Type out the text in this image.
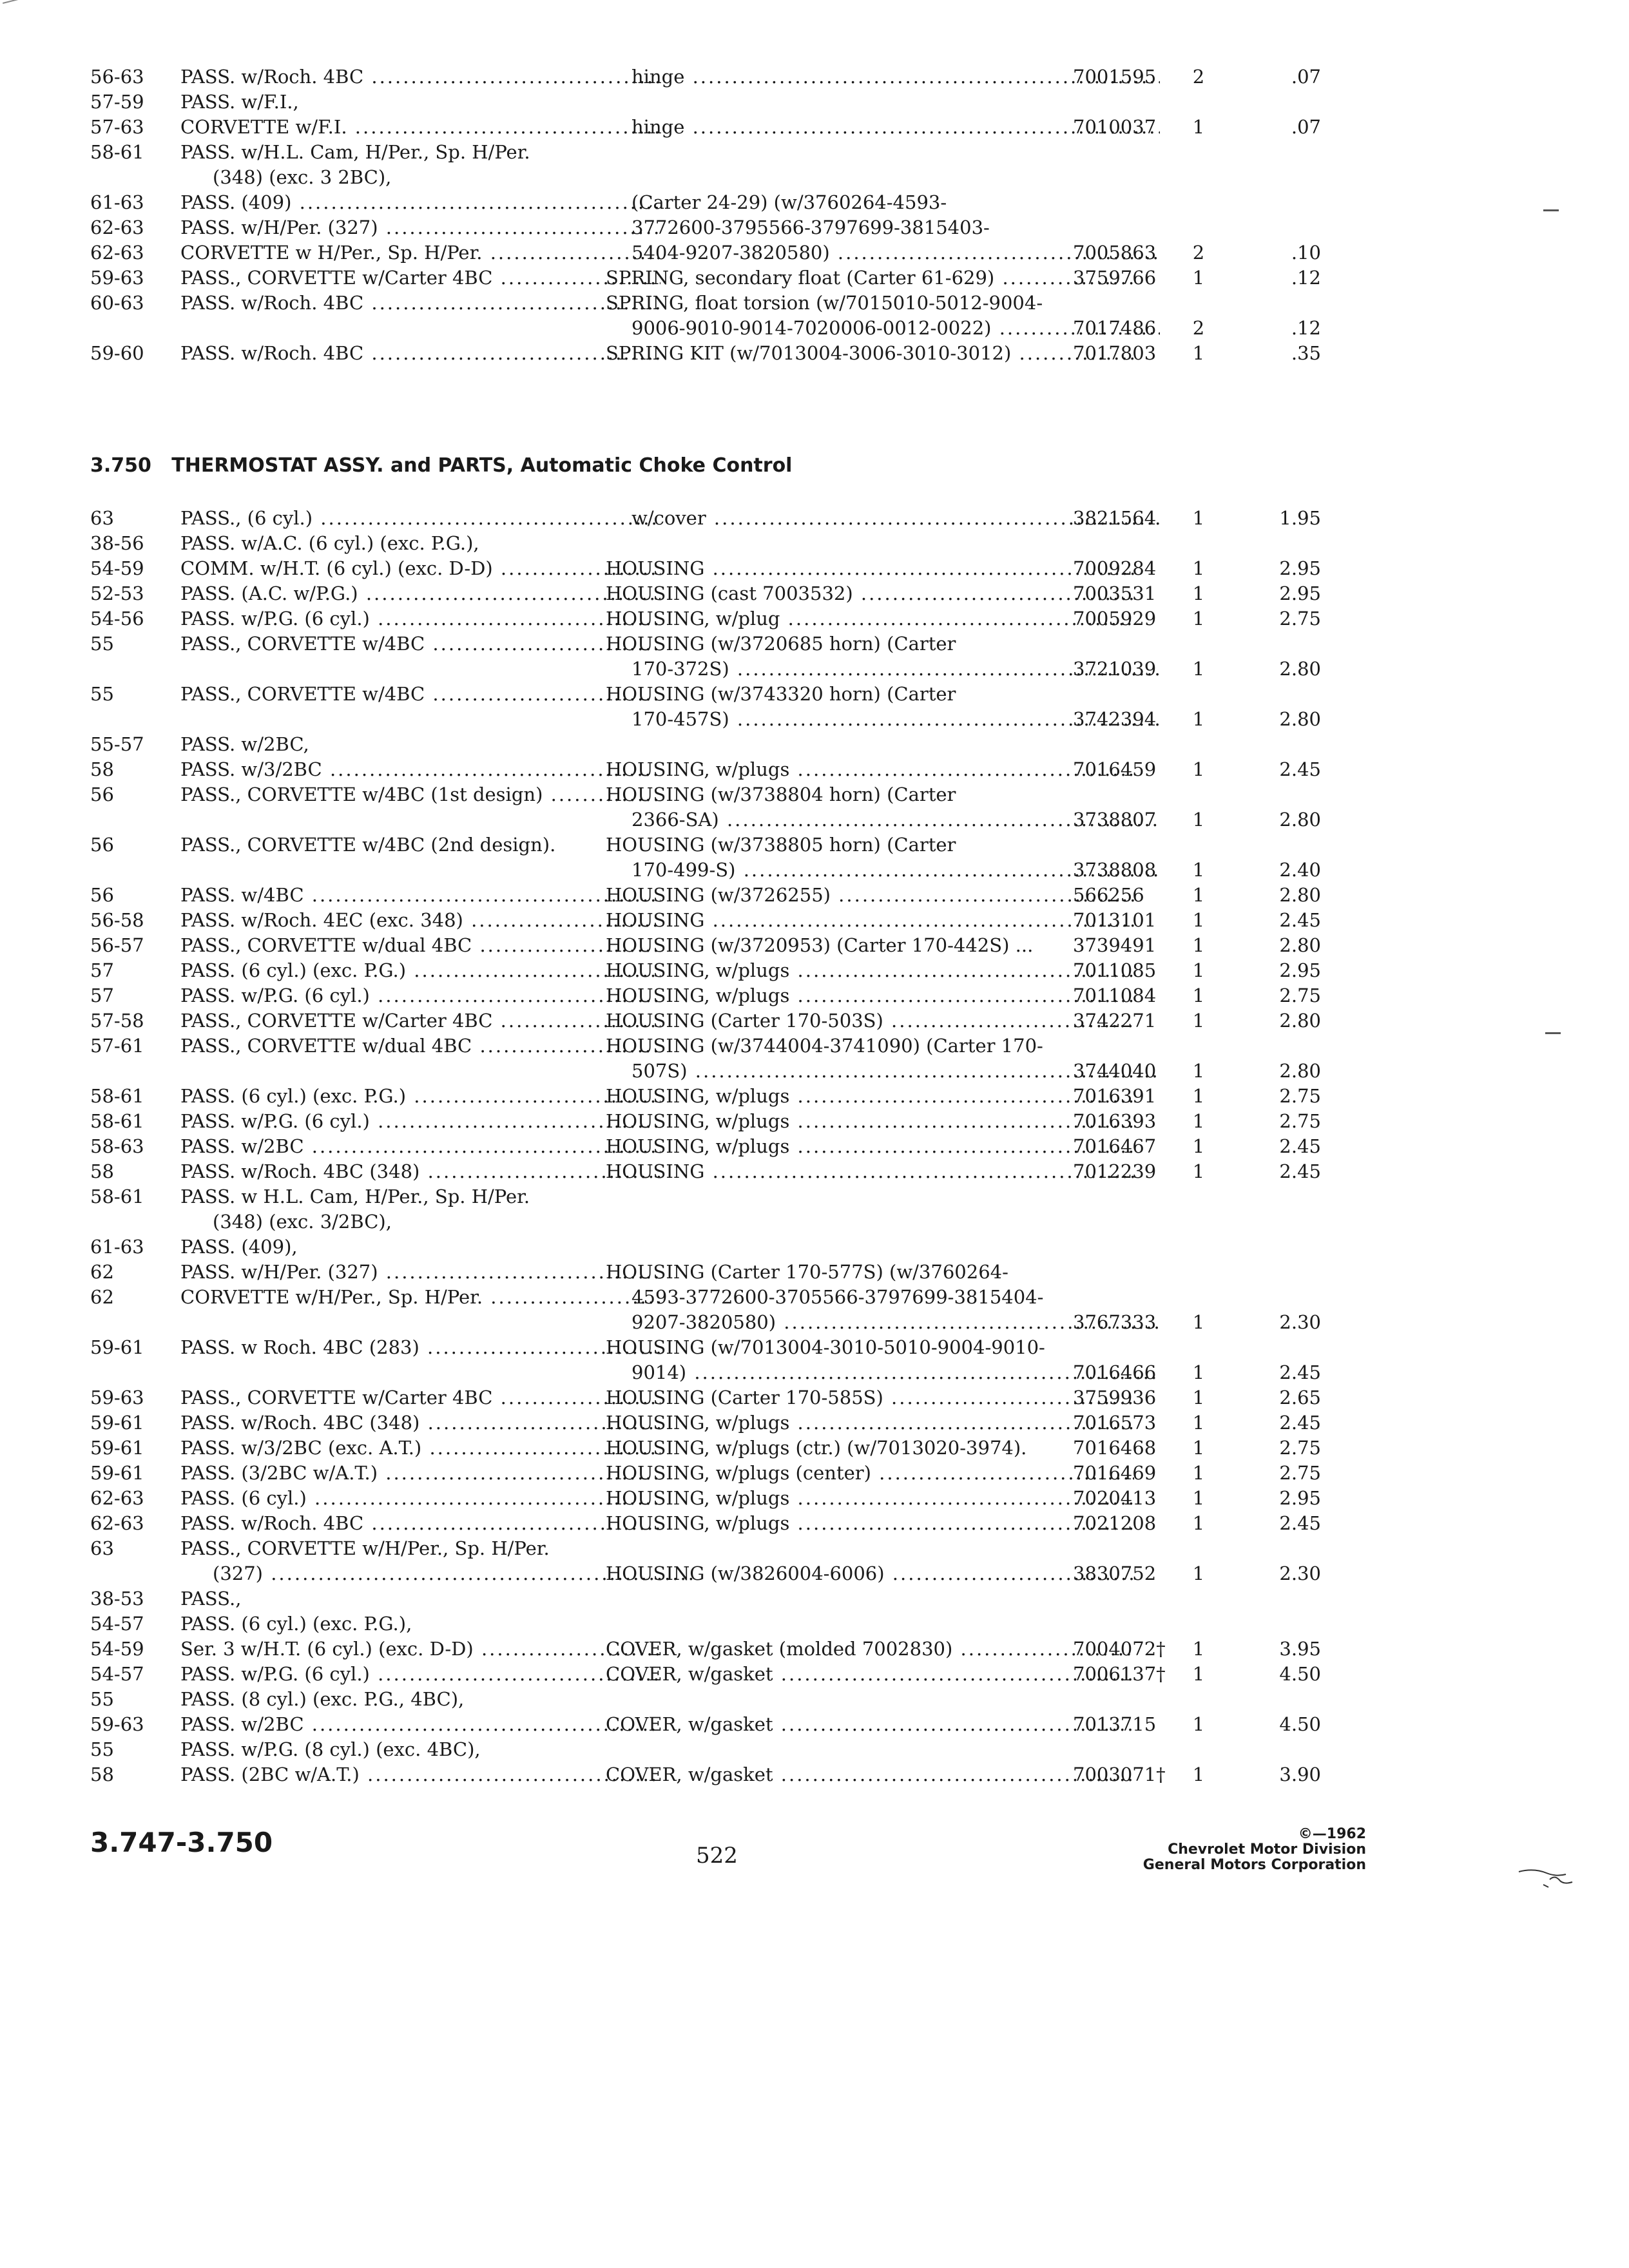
56-63	PASS. w/Roch. 4BC .....	hinge .....	7001595	2	.07
57-59	PASS. w/F.I.,
57-63	CORVETTE w/F.I. .....	hinge .....	7010037	1	.07
58-61	PASS. w/H.L. Cam, H/Per., Sp. H/Per.
(348) (exc. 3 2BC),
61-63	PASS. (409) .....	(Carter 24-29) (w/3760264-4593-
62-63	PASS. w/H/Per. (327) .....	3772600-3795566-3797699-3815403-
62-63	CORVETTE w H/Per., Sp. H/Per. .....	5404-9207-3820580) .....	7005863	2	.10
59-63	PASS., CORVETTE w/Carter 4BC .....	SPRING, secondary float (Carter 61-629) .....	3759766	1	.12
60-63	PASS. w/Roch. 4BC .....	SPRING, float torsion (w/7015010-5012-9004-
9006-9010-9014-7020006-0012-0022) .....	7017486	2	.12
59-60	PASS. w/Roch. 4BC .....	SPRING KIT (w/7013004-3006-3010-3012) .....	7017803	1	.35
3.750 THERMOSTAT ASSY. and PARTS, Automatic Choke Control
63	PASS., (6 cyl.) .....	w/cover .....	3821564	1	1.95
38-56	PASS. w/A.C. (6 cyl.) (exc. P.G.),
54-59	COMM. w/H.T. (6 cyl.) (exc. D-D) .....	HOUSING .....	7009284	1	2.95
52-53	PASS. (A.C. w/P.G.) .....	HOUSING (cast 7003532) .....	7003531	1	2.95
54-56	PASS. w/P.G. (6 cyl.) .....	HOUSING, w/plug .....	7005929	1	2.75
55	PASS., CORVETTE w/4BC .....	HOUSING (w/3720685 horn) (Carter
170-372S) .....	3721039	1	2.80
55	PASS., CORVETTE w/4BC .....	HOUSING (w/3743320 horn) (Carter
170-457S) .....	3742394	1	2.80
55-57	PASS. w/2BC,
58	PASS. w/3/2BC .....	HOUSING, w/plugs .....	7016459	1	2.45
56	PASS., CORVETTE w/4BC (1st design) .....	HOUSING (w/3738804 horn) (Carter
2366-SA) .....	3738807	1	2.80
56	PASS., CORVETTE w/4BC (2nd design).	HOUSING (w/3738805 horn) (Carter
170-499-S) .....	3738808	1	2.40
56	PASS. w/4BC .....	HOUSING (w/3726255) .....	566256	1	2.80
56-58	PASS. w/Roch. 4EC (exc. 348) .....	HOUSING .....	7013101	1	2.45
56-57	PASS., CORVETTE w/dual 4BC .....	HOUSING (w/3720953) (Carter 170-442S) ...	3739491	1	2.80
57	PASS. (6 cyl.) (exc. P.G.) .....	HOUSING, w/plugs .....	7011085	1	2.95
57	PASS. w/P.G. (6 cyl.) .....	HOUSING, w/plugs .....	7011084	1	2.75
57-58	PASS., CORVETTE w/Carter 4BC .....	HOUSING (Carter 170-503S) .....	3742271	1	2.80
57-61	PASS., CORVETTE w/dual 4BC .....	HOUSING (w/3744004-3741090) (Carter 170-
507S) .....	3744040	1	2.80
58-61	PASS. (6 cyl.) (exc. P.G.) .....	HOUSING, w/plugs .....	7016391	1	2.75
58-61	PASS. w/P.G. (6 cyl.) .....	HOUSING, w/plugs .....	7016393	1	2.75
58-63	PASS. w/2BC .....	HOUSING, w/plugs .....	7016467	1	2.45
58	PASS. w/Roch. 4BC (348) .....	HOUSING .....	7012239	1	2.45
58-61	PASS. w H.L. Cam, H/Per., Sp. H/Per.
(348) (exc. 3/2BC),
61-63	PASS. (409),
62	PASS. w/H/Per. (327) .....	HOUSING (Carter 170-577S) (w/3760264-
62	CORVETTE w/H/Per., Sp. H/Per. .....	4593-3772600-3705566-3797699-3815404-
9207-3820580) .....	3767333	1	2.30
59-61	PASS. w Roch. 4BC (283) .....	HOUSING (w/7013004-3010-5010-9004-9010-
9014) .....	7016466	1	2.45
59-63	PASS., CORVETTE w/Carter 4BC .....	HOUSING (Carter 170-585S) .....	3759936	1	2.65
59-61	PASS. w/Roch. 4BC (348) .....	HOUSING, w/plugs .....	7016573	1	2.45
59-61	PASS. w/3/2BC (exc. A.T.) .....	HOUSING, w/plugs (ctr.) (w/7013020-3974).	7016468	1	2.75
59-61	PASS. (3/2BC w/A.T.) .....	HOUSING, w/plugs (center) .....	7016469	1	2.75
62-63	PASS. (6 cyl.) .....	HOUSING, w/plugs .....	7020413	1	2.95
62-63	PASS. w/Roch. 4BC .....	HOUSING, w/plugs .....	7021208	1	2.45
63	PASS., CORVETTE w/H/Per., Sp. H/Per.
(327) .....	HOUSING (w/3826004-6006) .....	3830752	1	2.30
38-53	PASS.,
54-57	PASS. (6 cyl.) (exc. P.G.),
54-59	Ser. 3 w/H.T. (6 cyl.) (exc. D-D) .....	COVER, w/gasket (molded 7002830) .....	7004072†	1	3.95
54-57	PASS. w/P.G. (6 cyl.) .....	COVER, w/gasket .....	7006137†	1	4.50
55	PASS. (8 cyl.) (exc. P.G., 4BC),
59-63	PASS. w/2BC .....	COVER, w/gasket .....	7013715	1	4.50
55	PASS. w/P.G. (8 cyl.) (exc. 4BC),
58	PASS. (2BC w/A.T.) .....	COVER, w/gasket .....	7003071†	1	3.90
3.747-3.750	522
©—1962
Chevrolet Motor Division
General Motors Corporation
